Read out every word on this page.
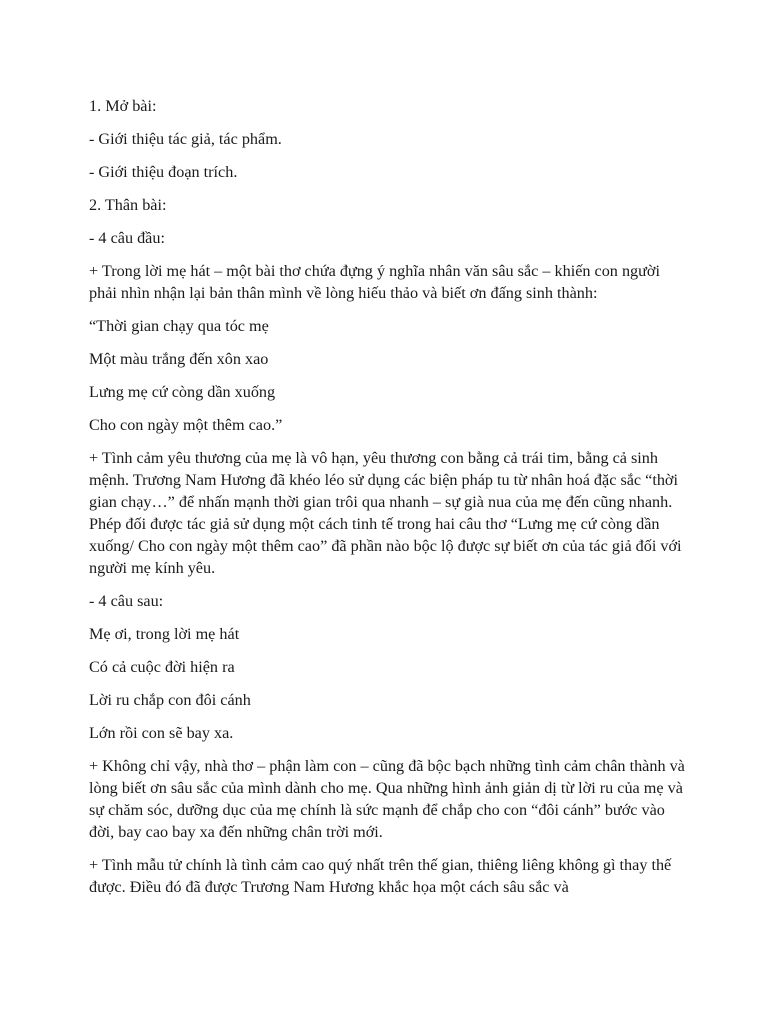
1. Mở bài:

- Giới thiệu tác giả, tác phẩm.

- Giới thiệu đoạn trích.

2. Thân bài:

- 4 câu đầu:

+ Trong lời mẹ hát – một bài thơ chứa đựng ý nghĩa nhân văn sâu sắc – khiến con người phải nhìn nhận lại bản thân mình về lòng hiếu thảo và biết ơn đấng sinh thành:

“Thời gian chạy qua tóc mẹ

Một màu trắng đến xôn xao

Lưng mẹ cứ còng dần xuống

Cho con ngày một thêm cao.”

+ Tình cảm yêu thương của mẹ là vô hạn, yêu thương con bằng cả trái tim, bằng cả sinh mệnh. Trương Nam Hương đã khéo léo sử dụng các biện pháp tu từ nhân hoá đặc sắc “thời gian chạy…” để nhấn mạnh thời gian trôi qua nhanh – sự già nua của mẹ đến cũng nhanh. Phép đối được tác giả sử dụng một cách tinh tế trong hai câu thơ “Lưng mẹ cứ còng dần xuống/ Cho con ngày một thêm cao” đã phần nào bộc lộ được sự biết ơn của tác giả đối với người mẹ kính yêu.

- 4 câu sau:

Mẹ ơi, trong lời mẹ hát

Có cả cuộc đời hiện ra

Lời ru chắp con đôi cánh

Lớn rồi con sẽ bay xa.

+ Không chỉ vậy, nhà thơ – phận làm con – cũng đã bộc bạch những tình cảm chân thành và lòng biết ơn sâu sắc của mình dành cho mẹ. Qua những hình ảnh giản dị từ lời ru của mẹ và sự chăm sóc, dưỡng dục của mẹ chính là sức mạnh để chắp cho con “đôi cánh” bước vào đời, bay cao bay xa đến những chân trời mới.

+ Tình mẫu tử chính là tình cảm cao quý nhất trên thế gian, thiêng liêng không gì thay thế được. Điều đó đã được Trương Nam Hương khắc họa một cách sâu sắc và
